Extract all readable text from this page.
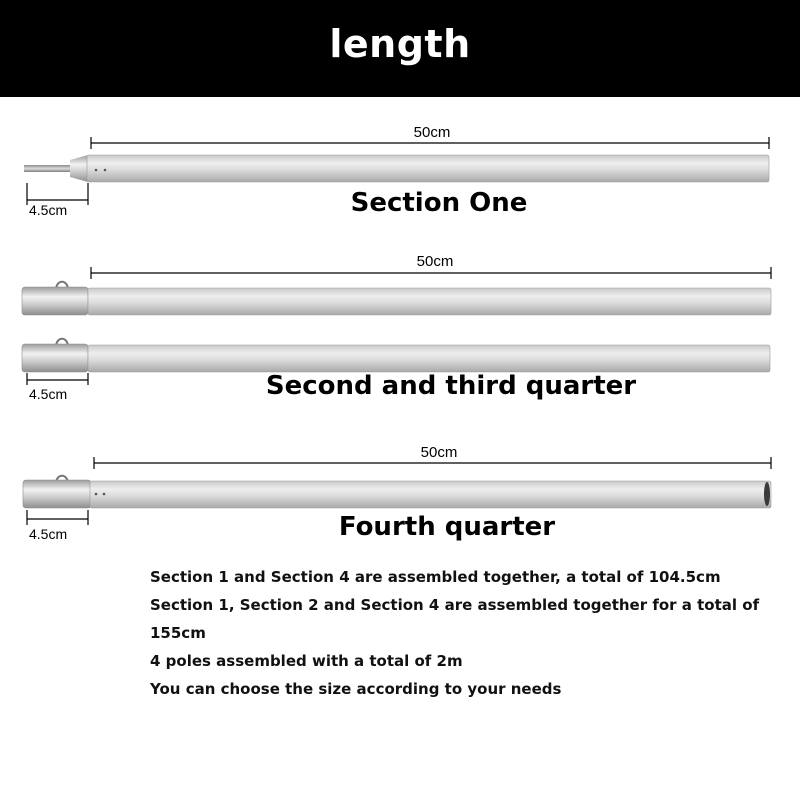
length
50cm
4.5cm	Section One
50cm
4.5cm	Second and third quarter
50cm
4.5cm	Fourth quarter
Section 1 and Section 4 are assembled together, a total of 104.5cm
Section 1, Section 2 and Section 4 are assembled together for a total of 155cm
4 poles assembled with a total of 2m
You can choose the size according to your needs
